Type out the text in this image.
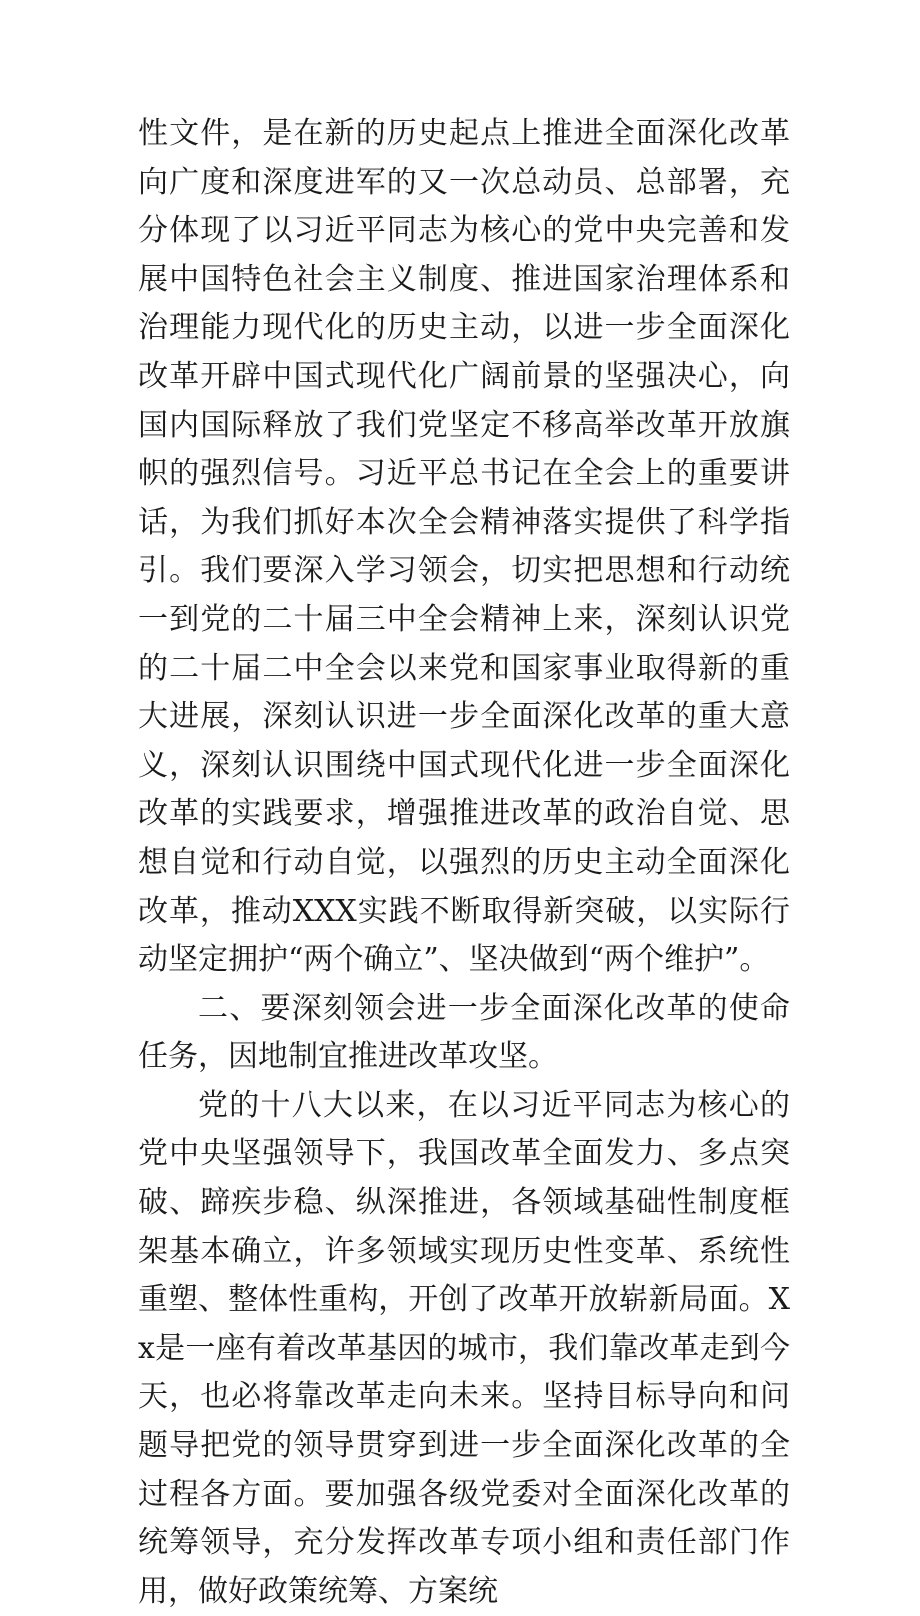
性文件，是在新的历史起点上推进全面深化改革向广度和深度进军的又一次总动员、总部署，充分体现了以习近平同志为核心的党中央完善和发展中国特色社会主义制度、推进国家治理体系和治理能力现代化的历史主动，以进一步全面深化改革开辟中国式现代化广阔前景的坚强决心，向国内国际释放了我们党坚定不移高举改革开放旗帜的强烈信号。习近平总书记在全会上的重要讲话，为我们抓好本次全会精神落实提供了科学指引。我们要深入学习领会，切实把思想和行动统一到党的二十届三中全会精神上来，深刻认识党的二十届二中全会以来党和国家事业取得新的重大进展，深刻认识进一步全面深化改革的重大意义，深刻认识围绕中国式现代化进一步全面深化改革的实践要求，增强推进改革的政治自觉、思想自觉和行动自觉，以强烈的历史主动全面深化改革，推动XXX实践不断取得新突破，以实际行动坚定拥护“两个确立”、坚决做到“两个维护”。

二、要深刻领会进一步全面深化改革的使命任务，因地制宜推进改革攻坚。

党的十八大以来，在以习近平同志为核心的党中央坚强领导下，我国改革全面发力、多点突破、蹄疾步稳、纵深推进，各领域基础性制度框架基本确立，许多领域实现历史性变革、系统性重塑、整体性重构，开创了改革开放崭新局面。Xx是一座有着改革基因的城市，我们靠改革走到今天，也必将靠改革走向未来。坚持目标导向和问题导把党的领导贯穿到进一步全面深化改革的全过程各方面。要加强各级党委对全面深化改革的统筹领导，充分发挥改革专项小组和责任部门作用，做好政策统筹、方案统
